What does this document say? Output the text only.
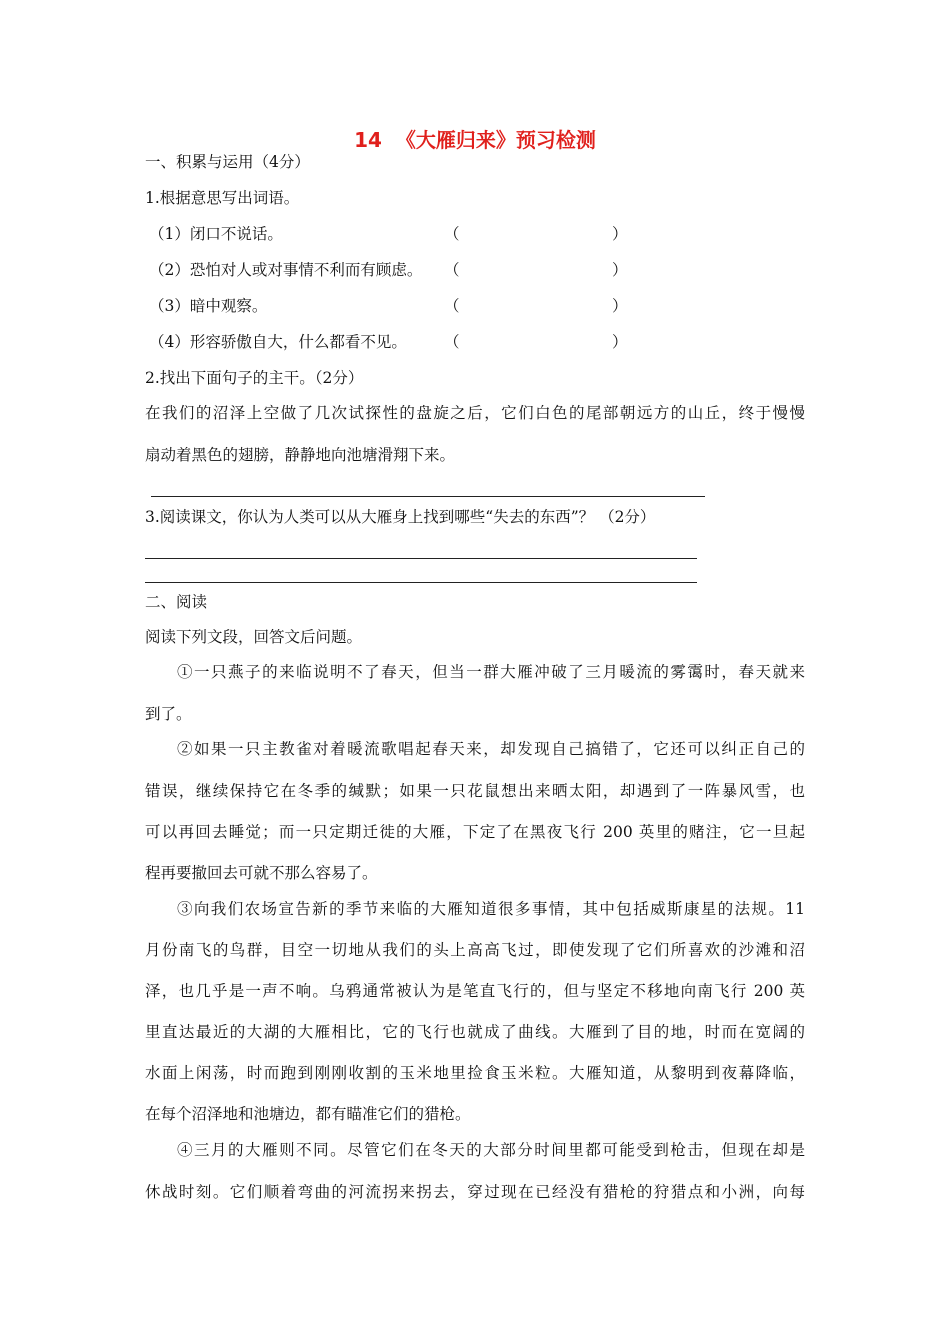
14  《大雁归来》预习检测
一、积累与运用（4分）
1.根据意思写出词语。
（1）闭口不说话。	（	）
（2）恐怕对人或对事情不利而有顾虑。 （	）
（3）暗中观察。	（	）
（4）形容骄傲自大，什么都看不见。 （	）
2.找出下面句子的主干。（2分）
在我们的沼泽上空做了几次试探性的盘旋之后，它们白色的尾部朝远方的山丘，终于慢慢
扇动着黑色的翅膀，静静地向池塘滑翔下来。
3.阅读课文，你认为人类可以从大雁身上找到哪些“失去的东西”？ （2分）
二、阅读
阅读下列文段，回答文后问题。
①一只燕子的来临说明不了春天，但当一群大雁冲破了三月暖流的雾霭时，春天就来
到了。
②如果一只主教雀对着暖流歌唱起春天来，却发现自己搞错了，它还可以纠正自己的
错误，继续保持它在冬季的缄默；如果一只花鼠想出来晒太阳，却遇到了一阵暴风雪，也
可以再回去睡觉；而一只定期迁徙的大雁，下定了在黑夜飞行 200 英里的赌注，它一旦起
程再要撤回去可就不那么容易了。
③向我们农场宣告新的季节来临的大雁知道很多事情，其中包括威斯康星的法规。11
月份南飞的鸟群，目空一切地从我们的头上高高飞过，即使发现了它们所喜欢的沙滩和沼
泽，也几乎是一声不响。乌鸦通常被认为是笔直飞行的，但与坚定不移地向南飞行 200 英
里直达最近的大湖的大雁相比，它的飞行也就成了曲线。大雁到了目的地，时而在宽阔的
水面上闲荡，时而跑到刚刚收割的玉米地里捡食玉米粒。大雁知道，从黎明到夜幕降临，
在每个沼泽地和池塘边，都有瞄准它们的猎枪。
④三月的大雁则不同。尽管它们在冬天的大部分时间里都可能受到枪击，但现在却是
休战时刻。它们顺着弯曲的河流拐来拐去，穿过现在已经没有猎枪的狩猎点和小洲，向每
